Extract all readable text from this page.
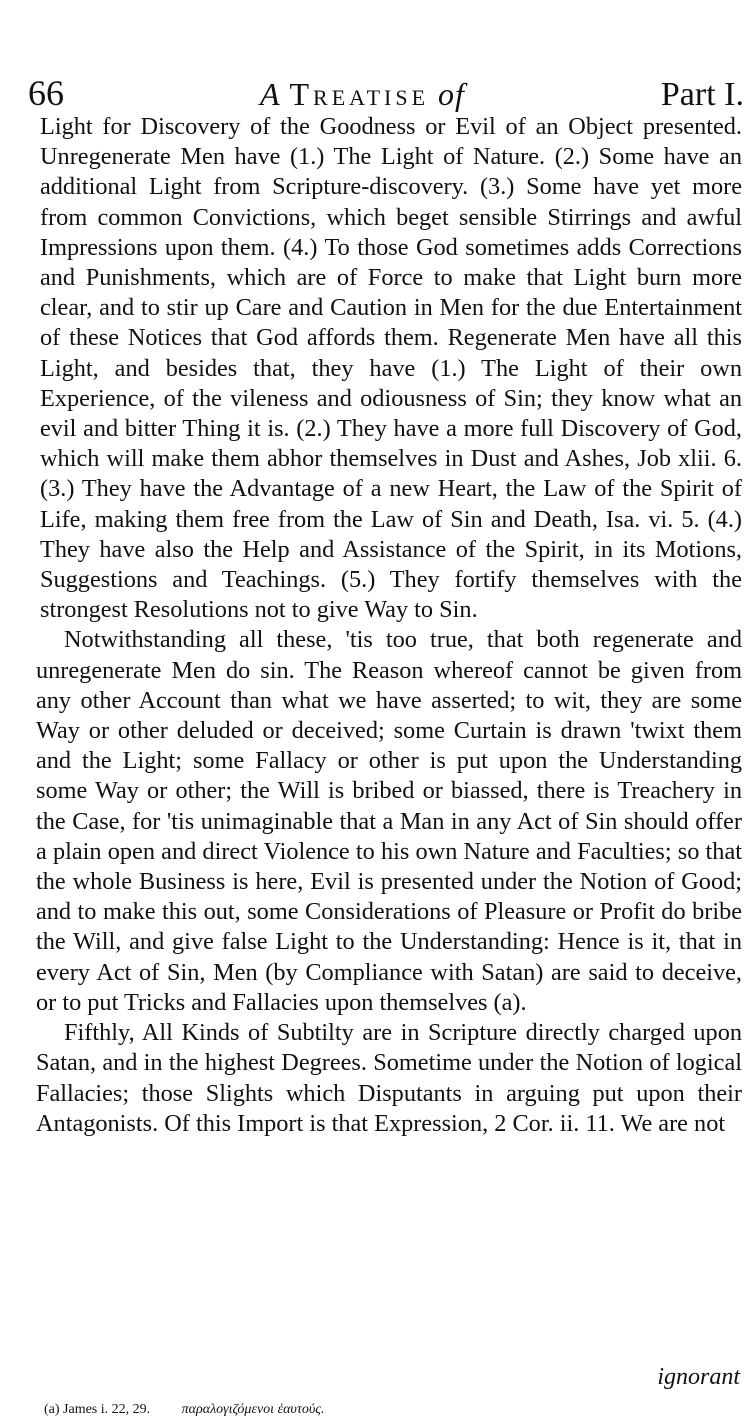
66	A Treatise of	Part I.

Light for Discovery of the Goodness or Evil of an Object presented. Unregenerate Men have (1.) The Light of Nature. (2.) Some have an additional Light from Scripture-discovery. (3.) Some have yet more from common Convictions, which beget sensible Stirrings and awful Impressions upon them. (4.) To those God sometimes adds Corrections and Punishments, which are of Force to make that Light burn more clear, and to stir up Care and Caution in Men for the due Entertainment of these Notices that God affords them. Regenerate Men have all this Light, and besides that, they have (1.) The Light of their own Experience, of the vileness and odiousness of Sin; they know what an evil and bitter Thing it is. (2.) They have a more full Discovery of God, which will make them abhor themselves in Dust and Ashes, Job xlii. 6. (3.) They have the Advantage of a new Heart, the Law of the Spirit of Life, making them free from the Law of Sin and Death, Isa. vi. 5. (4.) They have also the Help and Assistance of the Spirit, in its Motions, Suggestions and Teachings. (5.) They fortify themselves with the strongest Resolutions not to give Way to Sin.

Notwithstanding all these, 'tis too true, that both regenerate and unregenerate Men do sin. The Reason whereof cannot be given from any other Account than what we have asserted; to wit, they are some Way or other deluded or deceived; some Curtain is drawn 'twixt them and the Light; some Fallacy or other is put upon the Understanding some Way or other; the Will is bribed or biassed, there is Treachery in the Case, for 'tis unimaginable that a Man in any Act of Sin should offer a plain open and direct Violence to his own Nature and Faculties; so that the whole Business is here, Evil is presented under the Notion of Good; and to make this out, some Considerations of Pleasure or Profit do bribe the Will, and give false Light to the Understanding: Hence is it, that in every Act of Sin, Men (by Compliance with Satan) are said to deceive, or to put Tricks and Fallacies upon themselves (a).

Fifthly, All Kinds of Subtilty are in Scripture directly charged upon Satan, and in the highest Degrees. Sometime under the Notion of logical Fallacies; those Slights which Disputants in arguing put upon their Antagonists. Of this Import is that Expression, 2 Cor. ii. 11. We are not

ignorant
(a) James i. 22, 29. παραλογιζόμενοι ἑαυτούς.
